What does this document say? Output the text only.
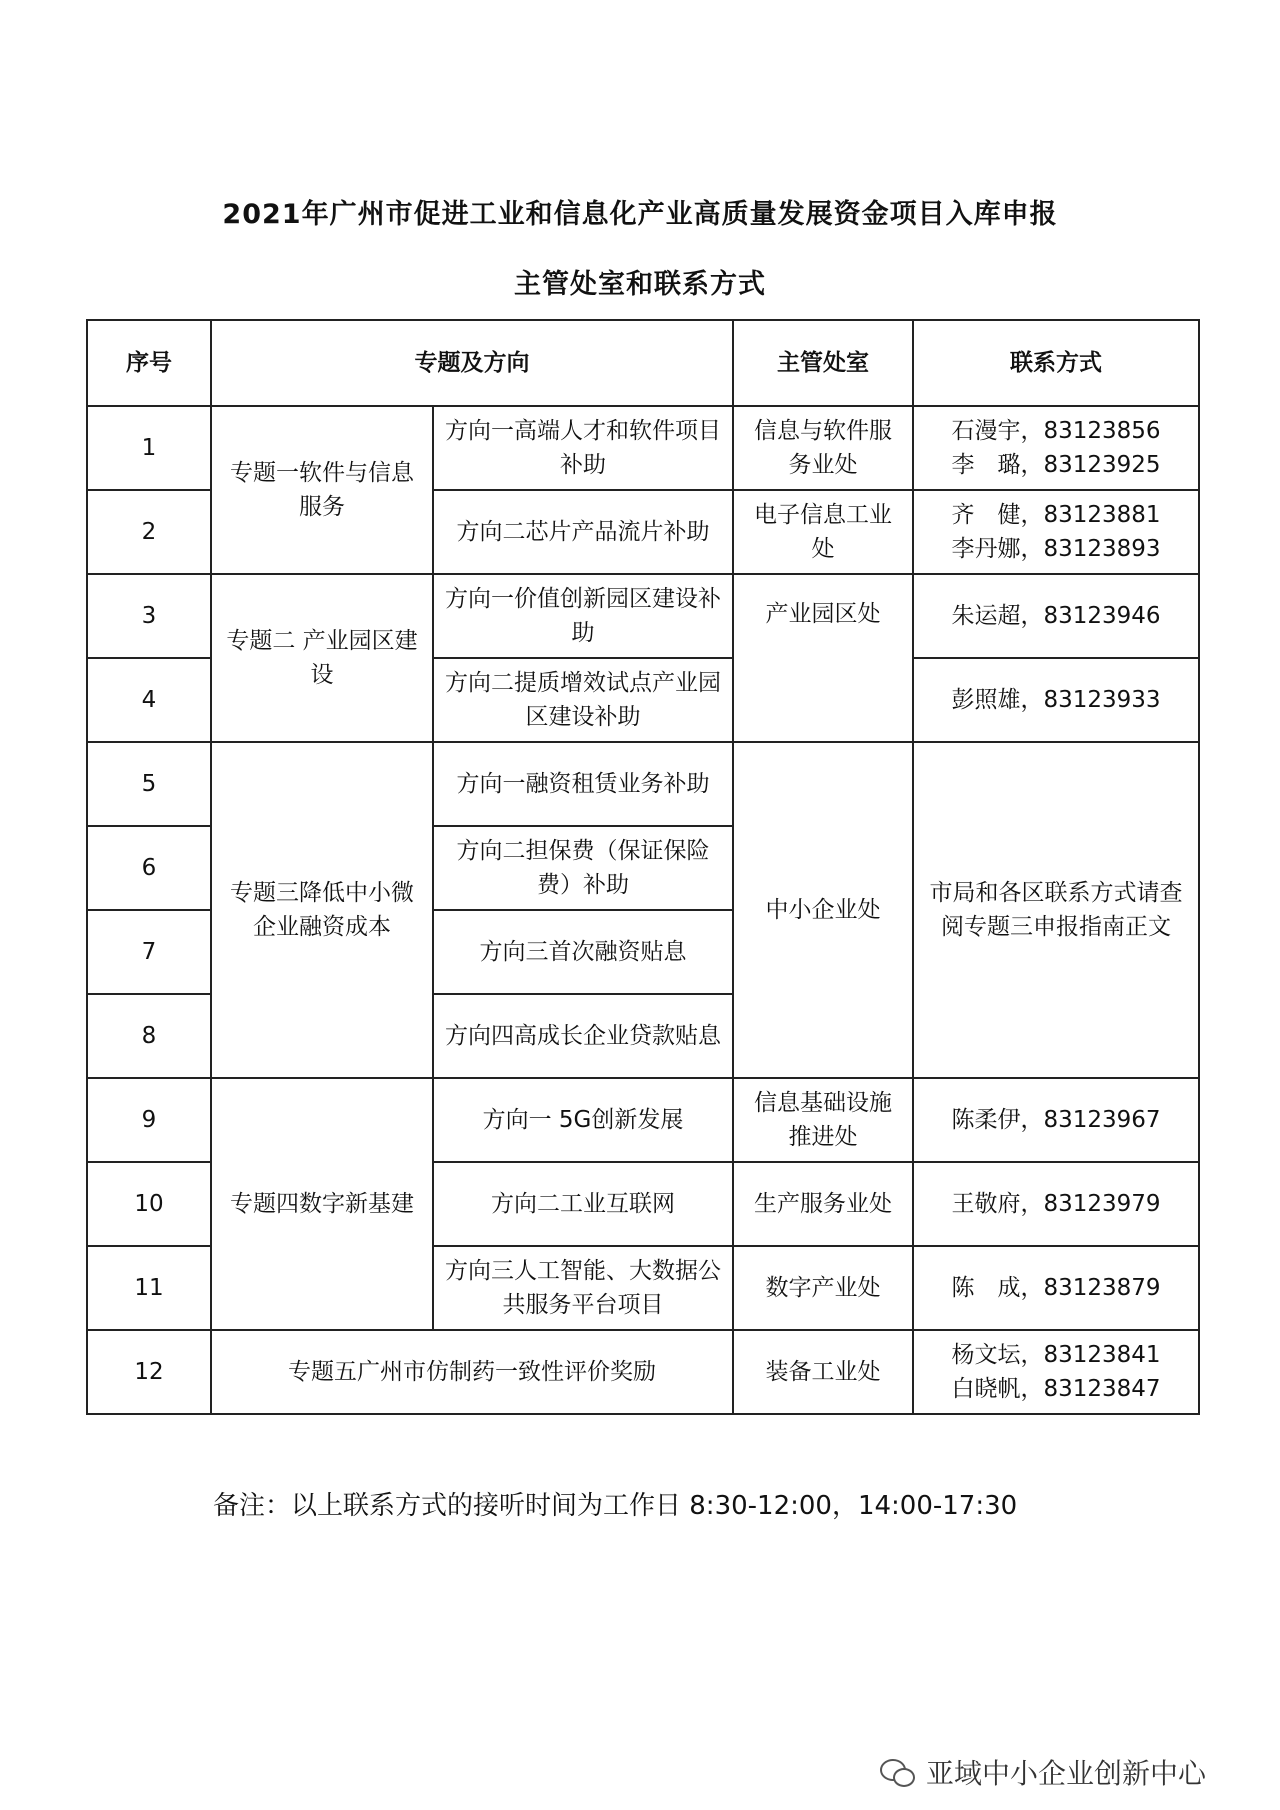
2021年广州市促进工业和信息化产业高质量发展资金项目入库申报
主管处室和联系方式
序号	专题及方向		主管处室	联系方式
1	专题一软件与信息服务	方向一高端人才和软件项目补助	信息与软件服务业处	石漫宇，83123856
李　璐，83123925

2		方向二芯片产品流片补助	电子信息工业处	齐　健，83123881
李丹娜，83123893

3	专题二 产业园区建设	方向一价值创新园区建设补助	产业园区处	朱运超，83123946

4		方向二提质增效试点产业园区建设补助		彭照雄，83123933

5	专题三降低中小微企业融资成本	方向一融资租赁业务补助	中小企业处	市局和各区联系方式请查阅专题三申报指南正文
6		方向二担保费（保证保险费）补助		
7		方向三首次融资贴息		
8		方向四高成长企业贷款贴息		
9	专题四数字新基建	方向一 5G创新发展	信息基础设施推进处	陈柔伊，83123967

10		方向二工业互联网	生产服务业处	王敬府，83123979

11		方向三人工智能、大数据公共服务平台项目	数字产业处	陈　成，83123879

12	专题五广州市仿制药一致性评价奖励		装备工业处	杨文坛，83123841
白晓帆，83123847
备注：以上联系方式的接听时间为工作日 8:30-12:00，14:00-17:30
亚域中小企业创新中心
